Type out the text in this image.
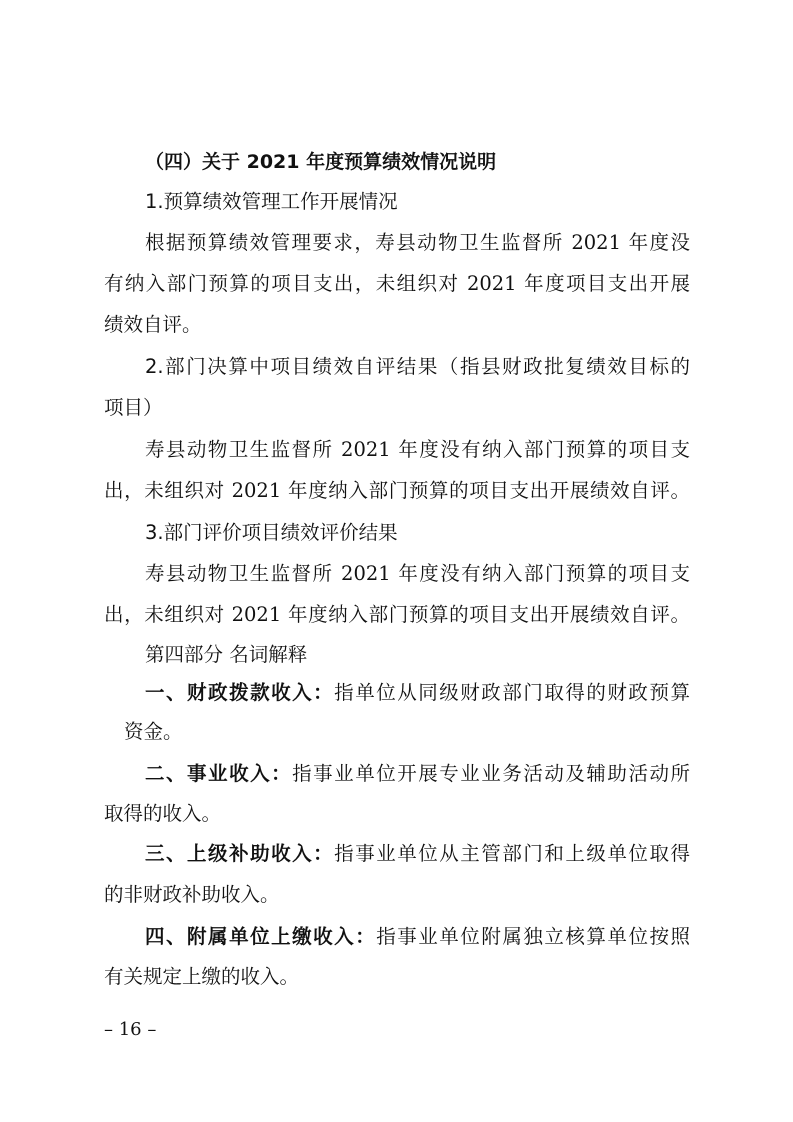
（四）关于 2021 年度预算绩效情况说明
1.预算绩效管理工作开展情况
根据预算绩效管理要求，寿县动物卫生监督所 2021 年度没
有纳入部门预算的项目支出，未组织对 2021 年度项目支出开展
绩效自评。
2.部门决算中项目绩效自评结果（指县财政批复绩效目标的
项目）
寿县动物卫生监督所 2021 年度没有纳入部门预算的项目支
出，未组织对 2021 年度纳入部门预算的项目支出开展绩效自评。
3.部门评价项目绩效评价结果
寿县动物卫生监督所 2021 年度没有纳入部门预算的项目支
出，未组织对 2021 年度纳入部门预算的项目支出开展绩效自评。
第四部分 名词解释
一、财政拨款收入：指单位从同级财政部门取得的财政预算
资金。
二、事业收入：指事业单位开展专业业务活动及辅助活动所
取得的收入。
三、上级补助收入：指事业单位从主管部门和上级单位取得
的非财政补助收入。
四、附属单位上缴收入：指事业单位附属独立核算单位按照
有关规定上缴的收入。
– 16 –
